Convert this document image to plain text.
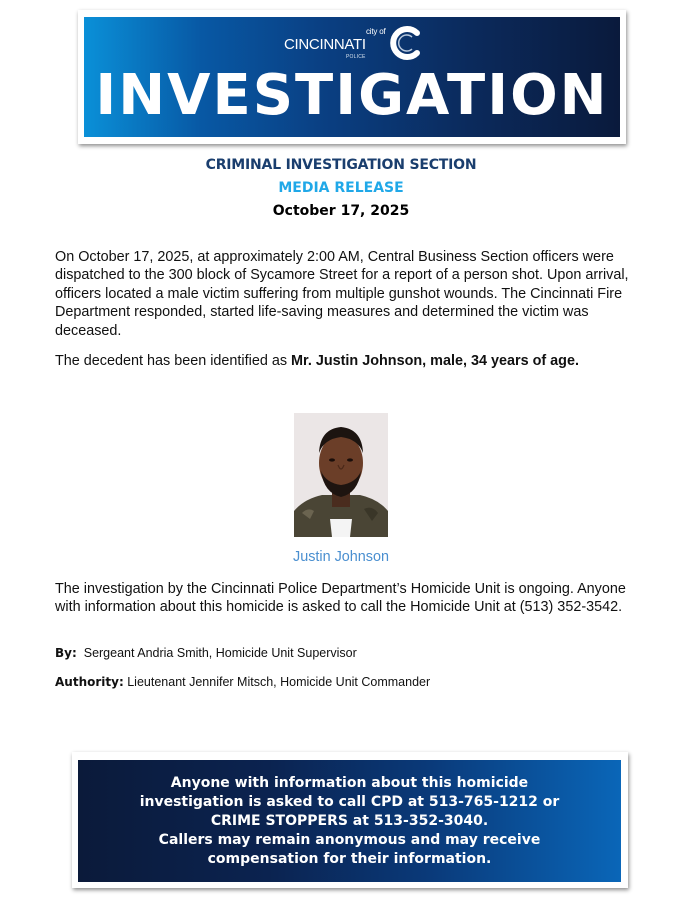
city of
CINCINNATI
POLICE
INVESTIGATION
CRIMINAL INVESTIGATION SECTION
MEDIA RELEASE
October 17, 2025
On October 17, 2025, at approximately 2:00 AM, Central Business Section officers were dispatched to the 300 block of Sycamore Street for a report of a person shot. Upon arrival, officers located a male victim suffering from multiple gunshot wounds. The Cincinnati Fire Department responded, started life-saving measures and determined the victim was deceased.
The decedent has been identified as Mr. Justin Johnson, male, 34 years of age.
Justin Johnson
The investigation by the Cincinnati Police Department’s Homicide Unit is ongoing. Anyone with information about this homicide is asked to call the Homicide Unit at (513) 352-3542.
By: Sergeant Andria Smith, Homicide Unit Supervisor
Authority: Lieutenant Jennifer Mitsch, Homicide Unit Commander
Anyone with information about this homicide
investigation is asked to call CPD at 513-765-1212 or
CRIME STOPPERS at 513-352-3040.
Callers may remain anonymous and may receive
compensation for their information.
